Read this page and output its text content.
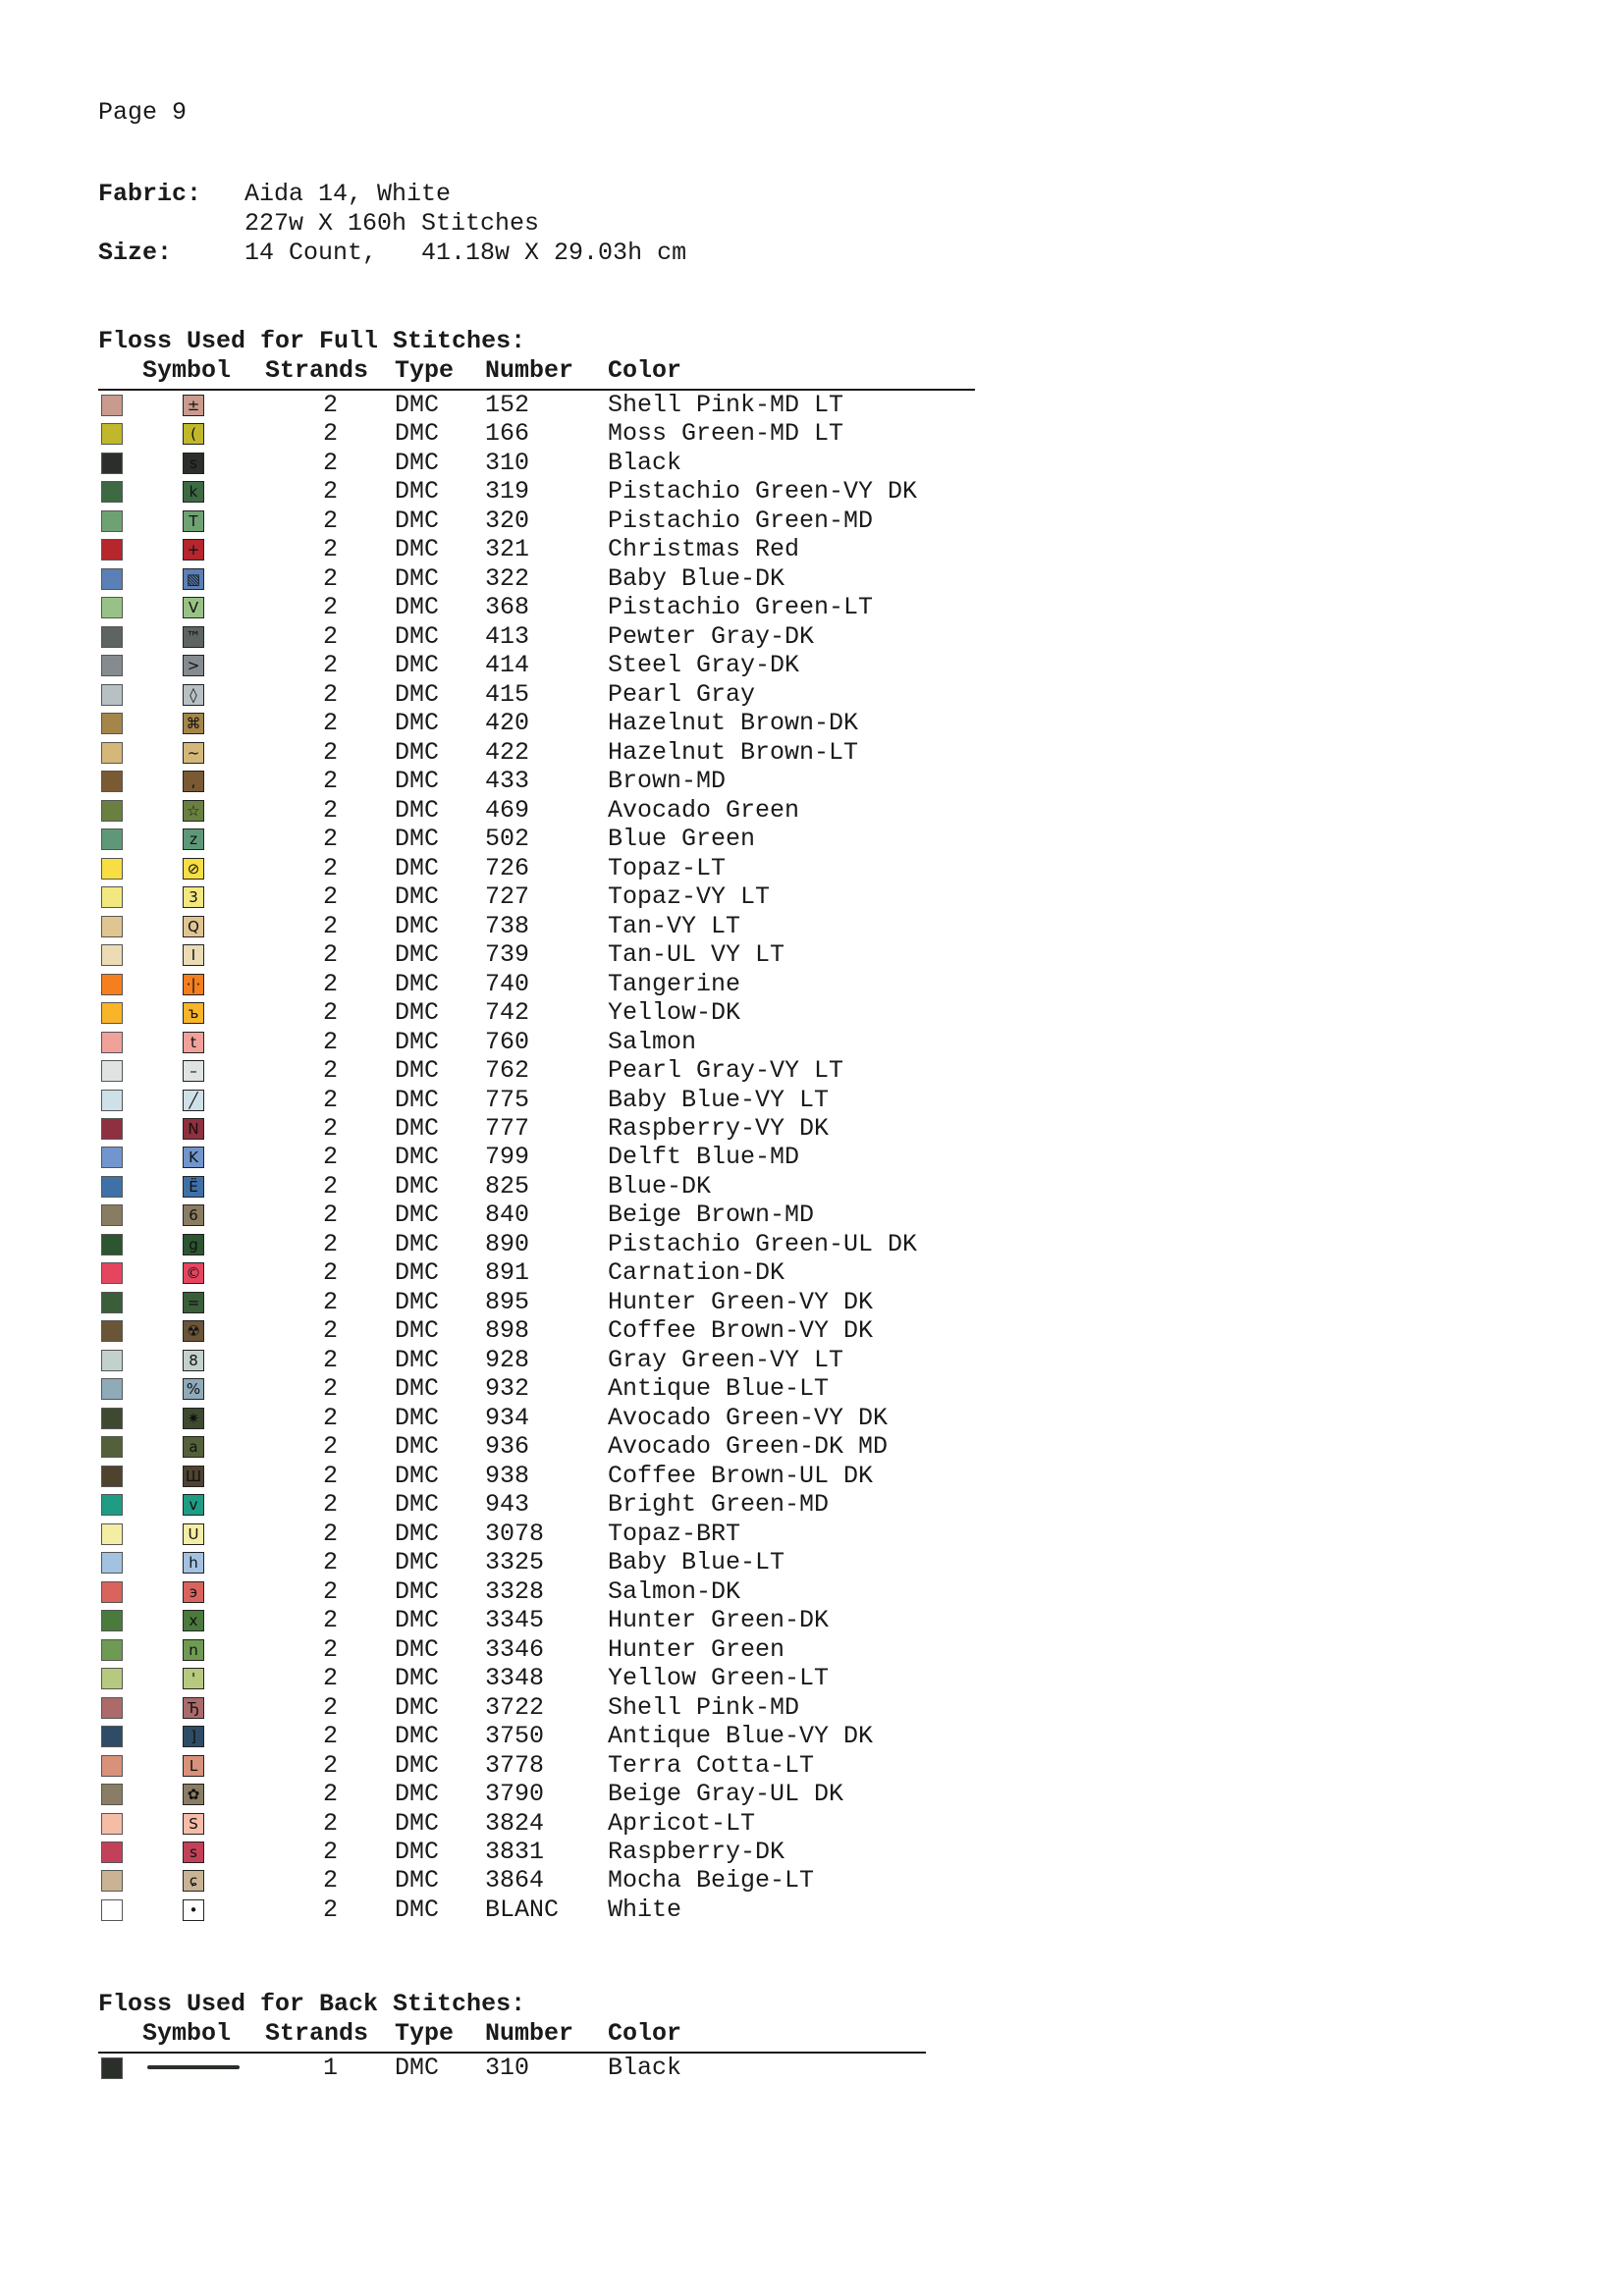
Page 9
Fabric: Aida 14, White
227w X 160h Stitches
Size:	14 Count,   41.18w X 29.03h cm
Floss Used for Full Stitches:
Symbol Strands Type Number Color
±	2 DMC 152	Shell Pink-MD LT
(	2 DMC 166	Moss Green-MD LT
s	2 DMC 310	Black
k	2 DMC 319	Pistachio Green-VY DK
T	2 DMC 320	Pistachio Green-MD
+	2 DMC 321	Christmas Red
▧	2 DMC 322	Baby Blue-DK
V	2 DMC 368	Pistachio Green-LT
™	2 DMC 413	Pewter Gray-DK
>	2 DMC 414	Steel Gray-DK
◊	2 DMC 415	Pearl Gray
⌘	2 DMC 420	Hazelnut Brown-DK
~	2 DMC 422	Hazelnut Brown-LT
,	2 DMC 433	Brown-MD
☆	2 DMC 469	Avocado Green
z	2 DMC 502	Blue Green
⊘	2 DMC 726	Topaz-LT
3	2 DMC 727	Topaz-VY LT
Q	2 DMC 738	Tan-VY LT
I	2 DMC 739	Tan-UL VY LT
·|·	2 DMC 740	Tangerine
ъ	2 DMC 742	Yellow-DK
t	2 DMC 760	Salmon
–	2 DMC 762	Pearl Gray-VY LT
╱	2 DMC 775	Baby Blue-VY LT
N	2 DMC 777	Raspberry-VY DK
K	2 DMC 799	Delft Blue-MD
Ë	2 DMC 825	Blue-DK
6	2 DMC 840	Beige Brown-MD
g	2 DMC 890	Pistachio Green-UL DK
©	2 DMC 891	Carnation-DK
=	2 DMC 895	Hunter Green-VY DK
☢	2 DMC 898	Coffee Brown-VY DK
8	2 DMC 928	Gray Green-VY LT
%	2 DMC 932	Antique Blue-LT
✷	2 DMC 934	Avocado Green-VY DK
a	2 DMC 936	Avocado Green-DK MD
Ш	2 DMC 938	Coffee Brown-UL DK
v	2 DMC 943	Bright Green-MD
U	2 DMC 3078	Topaz-BRT
h	2 DMC 3325	Baby Blue-LT
э	2 DMC 3328	Salmon-DK
x	2 DMC 3345	Hunter Green-DK
n	2 DMC 3346	Hunter Green
'	2 DMC 3348	Yellow Green-LT
Ђ	2 DMC 3722	Shell Pink-MD
]	2 DMC 3750	Antique Blue-VY DK
L	2 DMC 3778	Terra Cotta-LT
✿	2 DMC 3790	Beige Gray-UL DK
S	2 DMC 3824	Apricot-LT
s	2 DMC 3831	Raspberry-DK
ɕ	2 DMC 3864	Mocha Beige-LT
•	2 DMC BLANC White
Floss Used for Back Stitches:
Symbol Strands Type Number Color
1 DMC 310	Black
